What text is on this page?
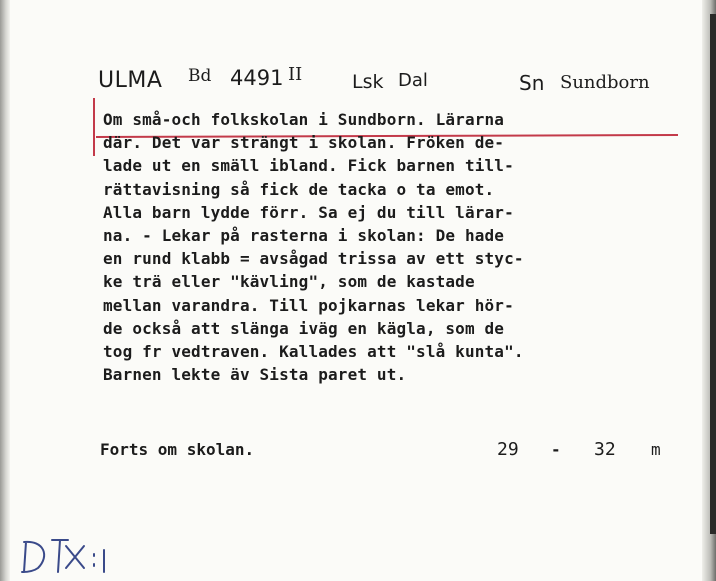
ULMA Bd 4491 II	Lsk Dal	Sn Sundborn
Om små-och folkskolan i Sundborn. Lärarna
där. Det var strängt i skolan. Fröken de-
lade ut en smäll ibland. Fick barnen till-
rättavisning så fick de tacka o ta emot.
Alla barn lydde förr. Sa ej du till lärar-
na. - Lekar på rasterna i skolan: De hade
en rund klabb = avsågad trissa av ett styc-
ke trä eller "kävling", som de kastade
mellan varandra. Till pojkarnas lekar hör-
de också att slänga iväg en kägla, som de
tog fr vedtraven. Kallades att "slå kunta".
Barnen lekte äv Sista paret ut.
Forts om skolan.	29 - 32 m
